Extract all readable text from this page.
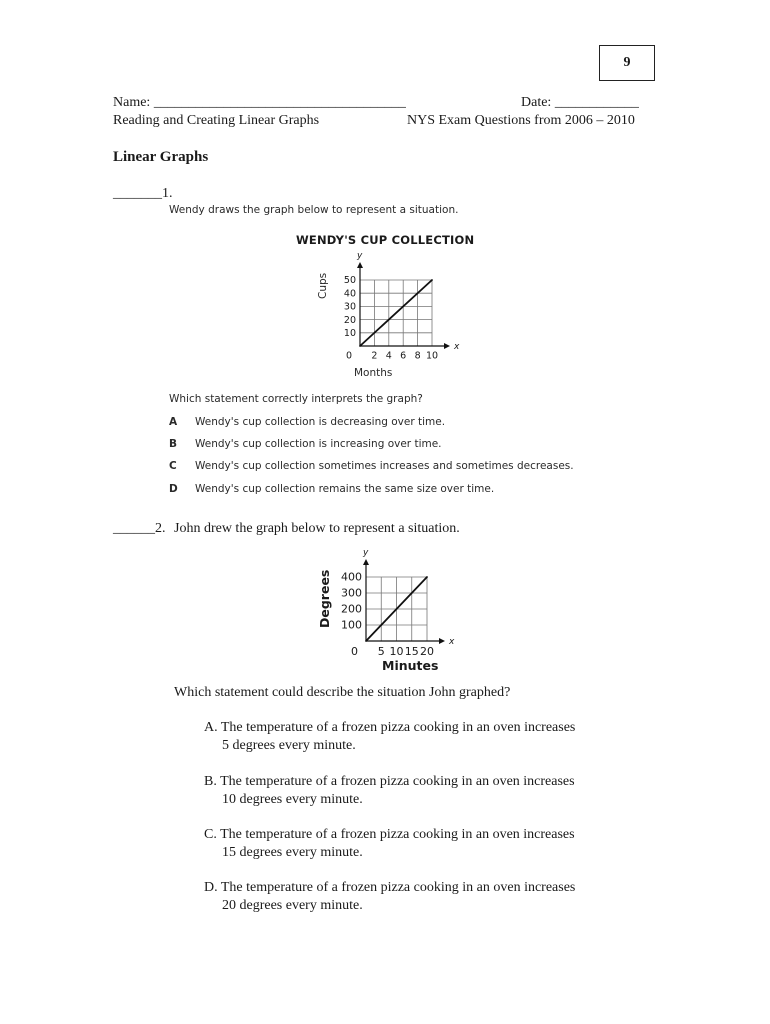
9
Name: ____________________________________	Date: ____________
Reading and Creating Linear Graphs	NYS Exam Questions from 2006 – 2010
Linear Graphs
_______1.
Wendy draws the graph below to represent a situation.
WENDY'S CUP COLLECTION
x
y
2 4 6 8 10
10
20
30
40
50
0
Months
Cups
Which statement correctly interprets the graph?
A Wendy's cup collection is decreasing over time.
B Wendy's cup collection is increasing over time.
C Wendy's cup collection sometimes increases and sometimes decreases.
D Wendy's cup collection remains the same size over time.
______2. John drew the graph below to represent a situation.
x
y
5 10 15 20
100
200
300
400
0
Minutes
Degrees
Which statement could describe the situation John graphed?
A. The temperature of a frozen pizza cooking in an oven increases
5 degrees every minute.
B. The temperature of a frozen pizza cooking in an oven increases
10 degrees every minute.
C. The temperature of a frozen pizza cooking in an oven increases
15 degrees every minute.
D. The temperature of a frozen pizza cooking in an oven increases
20 degrees every minute.
